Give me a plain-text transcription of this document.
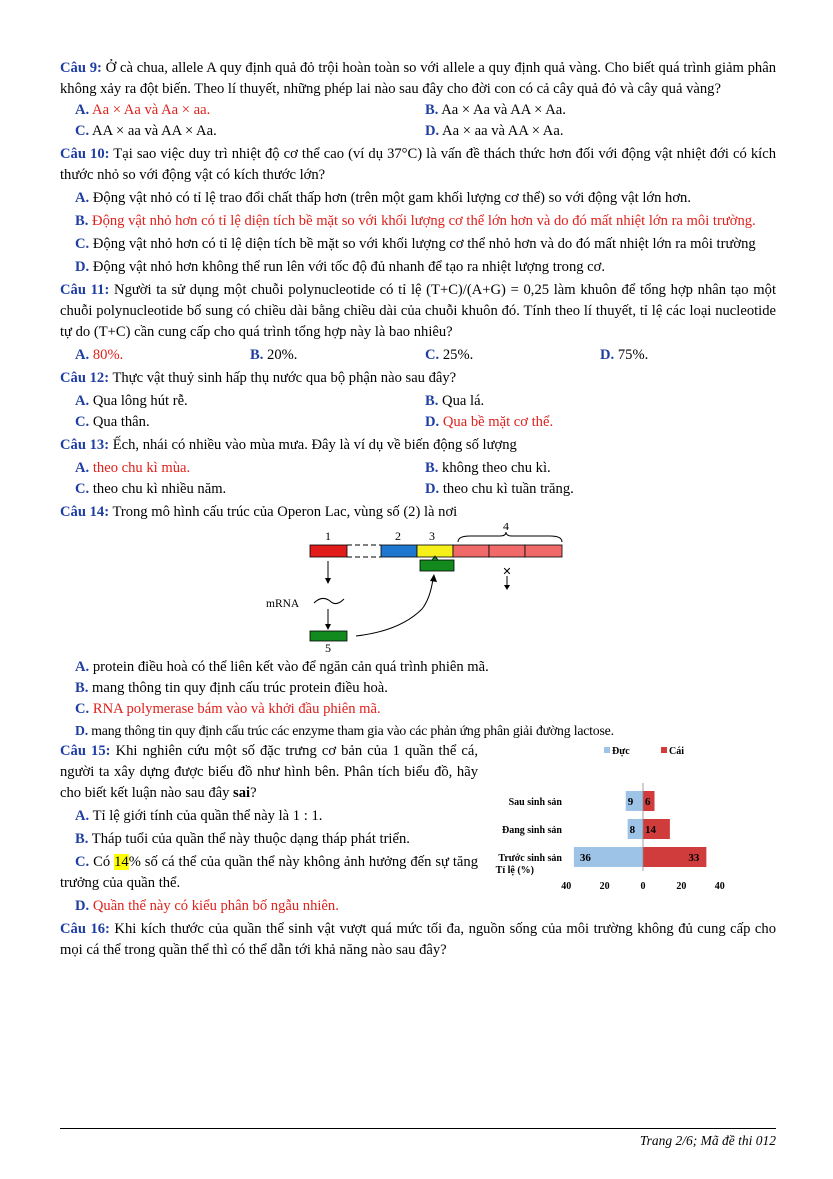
Câu 9: Ở cà chua, allele A quy định quả đỏ trội hoàn toàn so với allele a quy định quả vàng. Cho biết quá trình giảm phân không xảy ra đột biến. Theo lí thuyết, những phép lai nào sau đây cho đời con có cả cây quả đỏ và cây quả vàng?

A. Aa × Aa và Aa × aa.	B. Aa × Aa và AA × Aa.
C. AA × aa và AA × Aa.	D. Aa × aa và AA × Aa.

Câu 10: Tại sao việc duy trì nhiệt độ cơ thể cao (ví dụ 37°C) là vấn đề thách thức hơn đối với động vật nhiệt đới có kích thước nhỏ so với động vật có kích thước lớn?

A. Động vật nhỏ có tỉ lệ trao đổi chất thấp hơn (trên một gam khối lượng cơ thể) so với động vật lớn hơn.

B. Động vật nhỏ hơn có tỉ lệ diện tích bề mặt so với khối lượng cơ thể lớn hơn và do đó mất nhiệt lớn ra môi trường.

C. Động vật nhỏ hơn có tỉ lệ diện tích bề mặt so với khối lượng cơ thể nhỏ hơn và do đó mất nhiệt lớn ra môi trường

D. Động vật nhỏ hơn không thể run lên với tốc độ đủ nhanh để tạo ra nhiệt lượng trong cơ.

Câu 11: Người ta sử dụng một chuỗi polynucleotide có tỉ lệ (T+C)/(A+G) = 0,25 làm khuôn để tổng hợp nhân tạo một chuỗi polynucleotide bổ sung có chiều dài bằng chiều dài của chuỗi khuôn đó. Tính theo lí thuyết, tỉ lệ các loại nucleotide tự do (T+C) cần cung cấp cho quá trình tổng hợp này là bao nhiêu?

A. 80%.	B. 20%.	C. 25%.	D. 75%.

Câu 12: Thực vật thuỷ sinh hấp thụ nước qua bộ phận nào sau đây?

A. Qua lông hút rễ.	B. Qua lá.
C. Qua thân.	D. Qua bề mặt cơ thể.

Câu 13: Ếch, nhái có nhiều vào mùa mưa. Đây là ví dụ về biến động số lượng

A. theo chu kì mùa.	B. không theo chu kì.
C. theo chu kì nhiều năm.	D. theo chu kì tuần trăng.

Câu 14: Trong mô hình cấu trúc của Operon Lac, vùng số (2) là nơi

1	2 3
4
✕
mRNA
5

A. protein điều hoà có thể liên kết vào để ngăn cản quá trình phiên mã.

B. mang thông tin quy định cấu trúc protein điều hoà.

C. RNA polymerase bám vào và khởi đầu phiên mã.

D. mang thông tin quy định cấu trúc các enzyme tham gia vào các phản ứng phân giải đường lactose.

Câu 15: Khi nghiên cứu một số đặc trưng cơ bản của 1 quần thể cá, người ta xây dựng được biểu đồ như hình bên. Phân tích biểu đồ, hãy cho biết kết luận nào sau đây sai?

A. Tỉ lệ giới tính của quần thể này là 1 : 1.

B. Tháp tuổi của quần thể này thuộc dạng tháp phát triển.

C. Có 14% số cá thể của quần thể này không ảnh hưởng đến sự tăng trưởng của quần thể.

D. Quần thể này có kiểu phân bố ngẫu nhiên.

Đực	Cái
Sau sinh sản
Đang sinh sản
Trước sinh sản
9 6
8 14
36	33
Tỉ lệ (%)
40	20	0	20	40

Câu 16: Khi kích thước của quần thể sinh vật vượt quá mức tối đa, nguồn sống của môi trường không đủ cung cấp cho mọi cá thể trong quần thể thì có thể dẫn tới khả năng nào sau đây?

Trang 2/6; Mã đề thi 012
